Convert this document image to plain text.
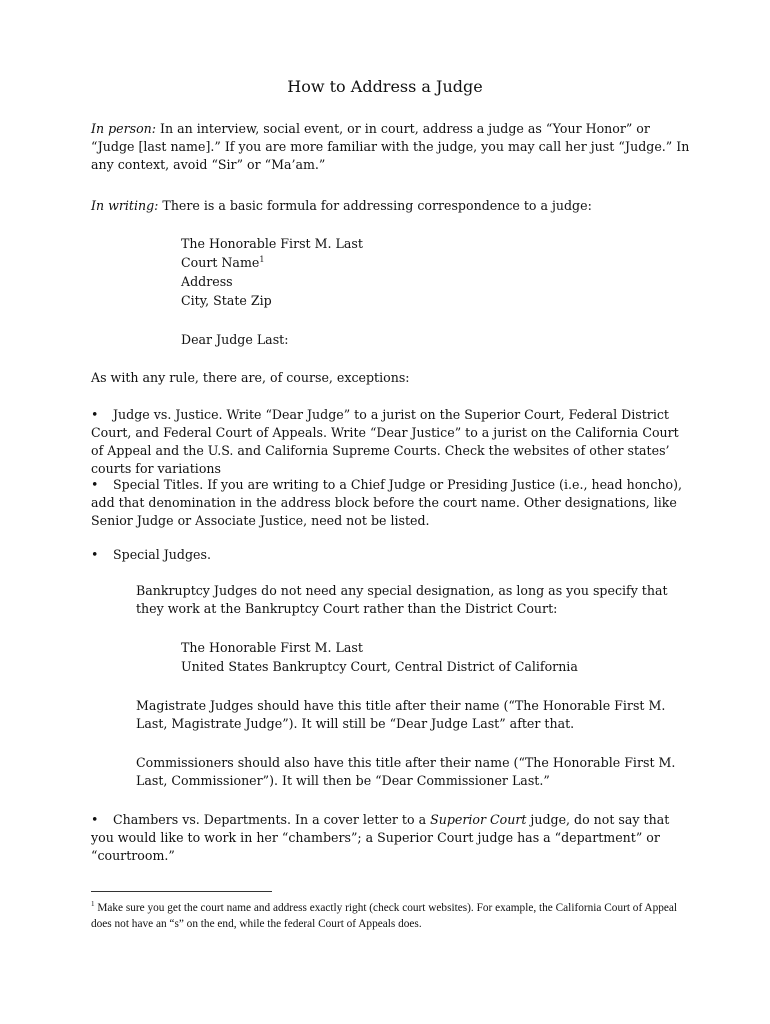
How to Address a Judge

In person: In an interview, social event, or in court, address a judge as “Your Honor” or “Judge [last name].” If you are more familiar with the judge, you may call her just “Judge.” In any context, avoid “Sir” or “Ma’am.”

In writing: There is a basic formula for addressing correspondence to a judge:

The Honorable First M. Last
Court Name$^1$
Address
City, State Zip
Dear Judge Last:

As with any rule, there are, of course, exceptions:

• Judge vs. Justice. Write “Dear Judge” to a jurist on the Superior Court, Federal District Court, and Federal Court of Appeals. Write “Dear Justice” to a jurist on the California Court of Appeal and the U.S. and California Supreme Courts. Check the websites of other states’ courts for variations

• Special Titles. If you are writing to a Chief Judge or Presiding Justice (i.e., head honcho), add that denomination in the address block before the court name. Other designations, like Senior Judge or Associate Justice, need not be listed.

• Special Judges.

Bankruptcy Judges do not need any special designation, as long as you specify that they work at the Bankruptcy Court rather than the District Court:

The Honorable First M. Last
United States Bankruptcy Court, Central District of California

Magistrate Judges should have this title after their name (“The Honorable First M. Last, Magistrate Judge”). It will still be “Dear Judge Last” after that.

Commissioners should also have this title after their name (“The Honorable First M. Last, Commissioner”). It will then be “Dear Commissioner Last.”

• Chambers vs. Departments. In a cover letter to a Superior Court judge, do not say that you would like to work in her “chambers”; a Superior Court judge has a “department” or “courtroom.”

$^1$ Make sure you get the court name and address exactly right (check court websites). For example, the California Court of Appeal does not have an “s” on the end, while the federal Court of Appeals does.
